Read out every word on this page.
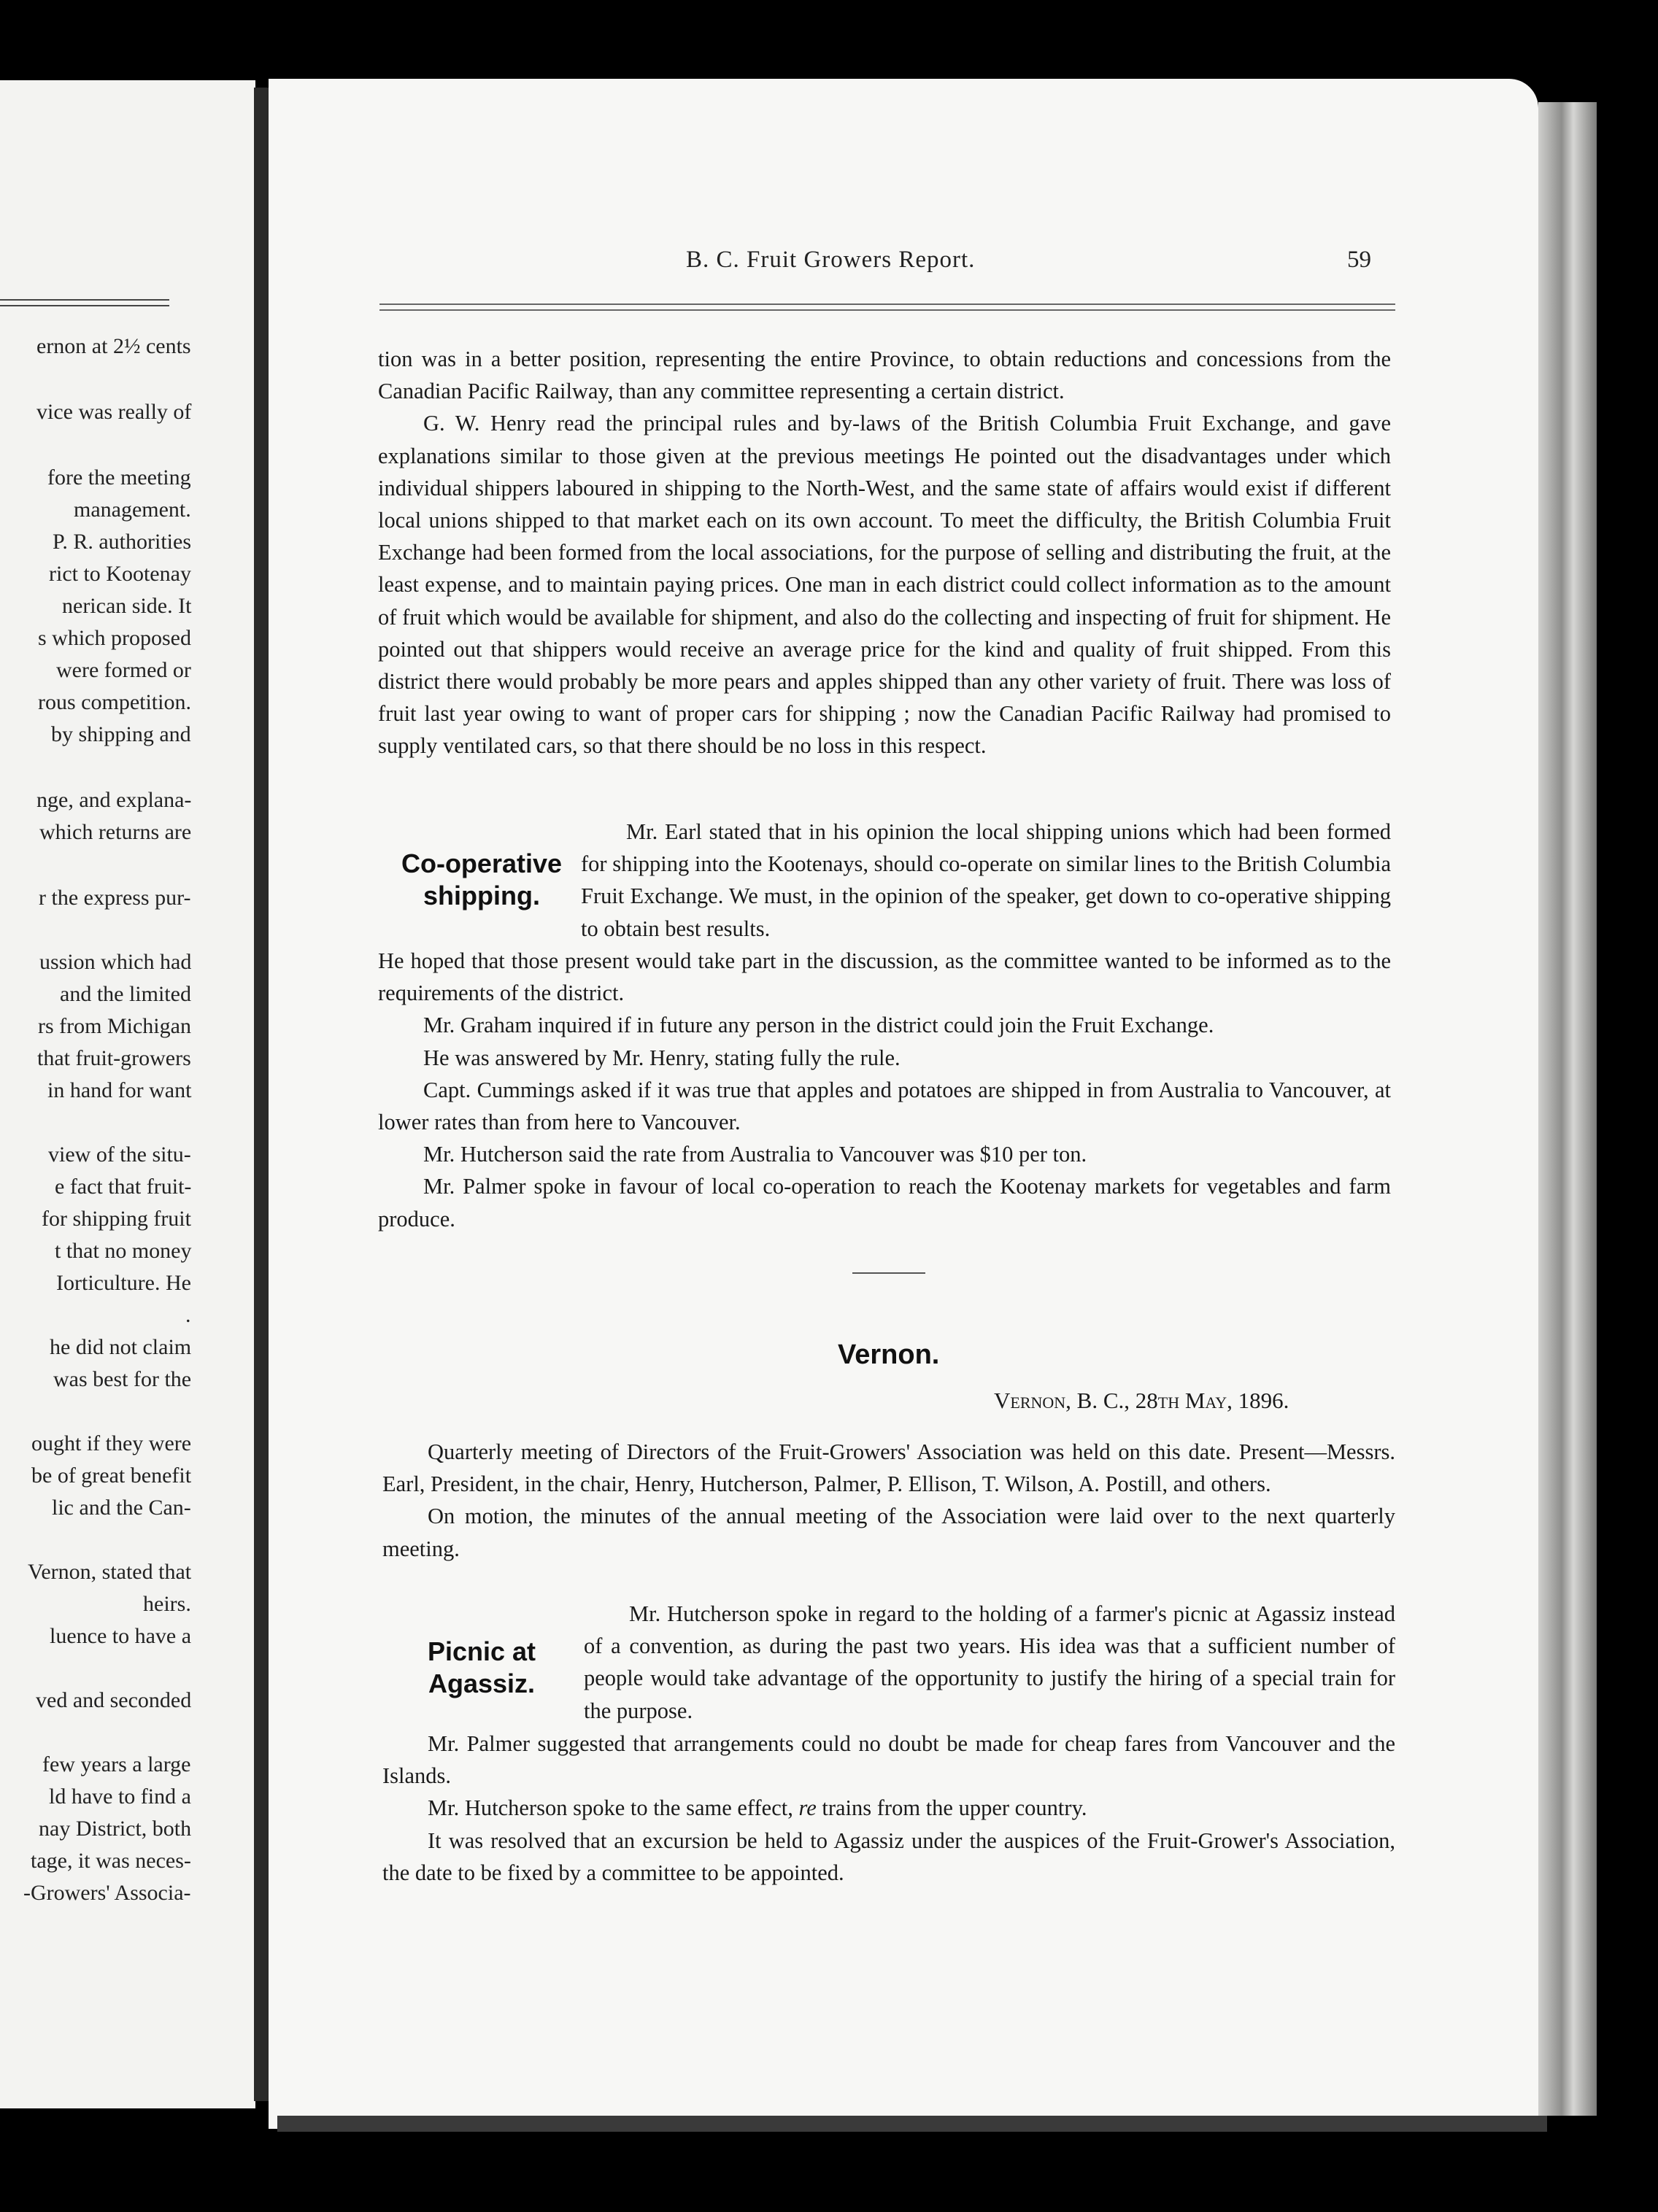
ernon at 2½ cents
vice was really of
fore the meeting
management.
P. R. authorities
rict to Kootenay
nerican side. It
s which proposed
were formed or
rous competition.
by shipping and
nge, and explana-
which returns are
r the express pur-
ussion which had
and the limited
rs from Michigan
that fruit-growers
in hand for want
view of the situ-
e fact that fruit-
for shipping fruit
t that no money
Iorticulture. He
.
he did not claim
was best for the
ought if they were
be of great benefit
lic and the Can-
Vernon, stated that
heirs.
luence to have a
ved and seconded
few years a large
ld have to find a
nay District, both
tage, it was neces-
-Growers' Associa-
B. C. Fruit Growers Report.	59

tion was in a better position, representing the entire Province, to obtain reductions and concessions from the Canadian Pacific Railway, than any committee representing a certain district.

G. W. Henry read the principal rules and by-laws of the British Columbia Fruit Exchange, and gave explanations similar to those given at the previous meetings He pointed out the disadvantages under which individual shippers laboured in shipping to the North-West, and the same state of affairs would exist if different local unions shipped to that market each on its own account. To meet the difficulty, the British Columbia Fruit Exchange had been formed from the local associations, for the purpose of selling and distributing the fruit, at the least expense, and to maintain paying prices. One man in each district could collect information as to the amount of fruit which would be available for shipment, and also do the collecting and inspecting of fruit for shipment. He pointed out that shippers would receive an average price for the kind and quality of fruit shipped. From this district there would probably be more pears and apples shipped than any other variety of fruit. There was loss of fruit last year owing to want of proper cars for shipping ; now the Canadian Pacific Railway had promised to supply ventilated cars, so that there should be no loss in this respect.

Co-operative
shipping.

Mr. Earl stated that in his opinion the local shipping unions which had been formed for shipping into the Kootenays, should co-operate on similar lines to the British Columbia Fruit Exchange. We must, in the opinion of the speaker, get down to co-operative shipping to obtain best results.

He hoped that those present would take part in the discussion, as the committee wanted to be informed as to the requirements of the district.

Mr. Graham inquired if in future any person in the district could join the Fruit Exchange.

He was answered by Mr. Henry, stating fully the rule.

Capt. Cummings asked if it was true that apples and potatoes are shipped in from Australia to Vancouver, at lower rates than from here to Vancouver.

Mr. Hutcherson said the rate from Australia to Vancouver was $10 per ton.

Mr. Palmer spoke in favour of local co-operation to reach the Kootenay markets for vegetables and farm produce.

Vernon.
Vernon, B. C., 28th May, 1896.

Quarterly meeting of Directors of the Fruit-Growers' Association was held on this date. Present—Messrs. Earl, President, in the chair, Henry, Hutcherson, Palmer, P. Ellison, T. Wilson, A. Postill, and others.

On motion, the minutes of the annual meeting of the Association were laid over to the next quarterly meeting.

Picnic at
Agassiz.

Mr. Hutcherson spoke in regard to the holding of a farmer's picnic at Agassiz instead of a convention, as during the past two years. His idea was that a sufficient number of people would take advantage of the opportunity to justify the hiring of a special train for the purpose.

Mr. Palmer suggested that arrangements could no doubt be made for cheap fares from Vancouver and the Islands.

Mr. Hutcherson spoke to the same effect, re trains from the upper country.

It was resolved that an excursion be held to Agassiz under the auspices of the Fruit-Grower's Association, the date to be fixed by a committee to be appointed.
